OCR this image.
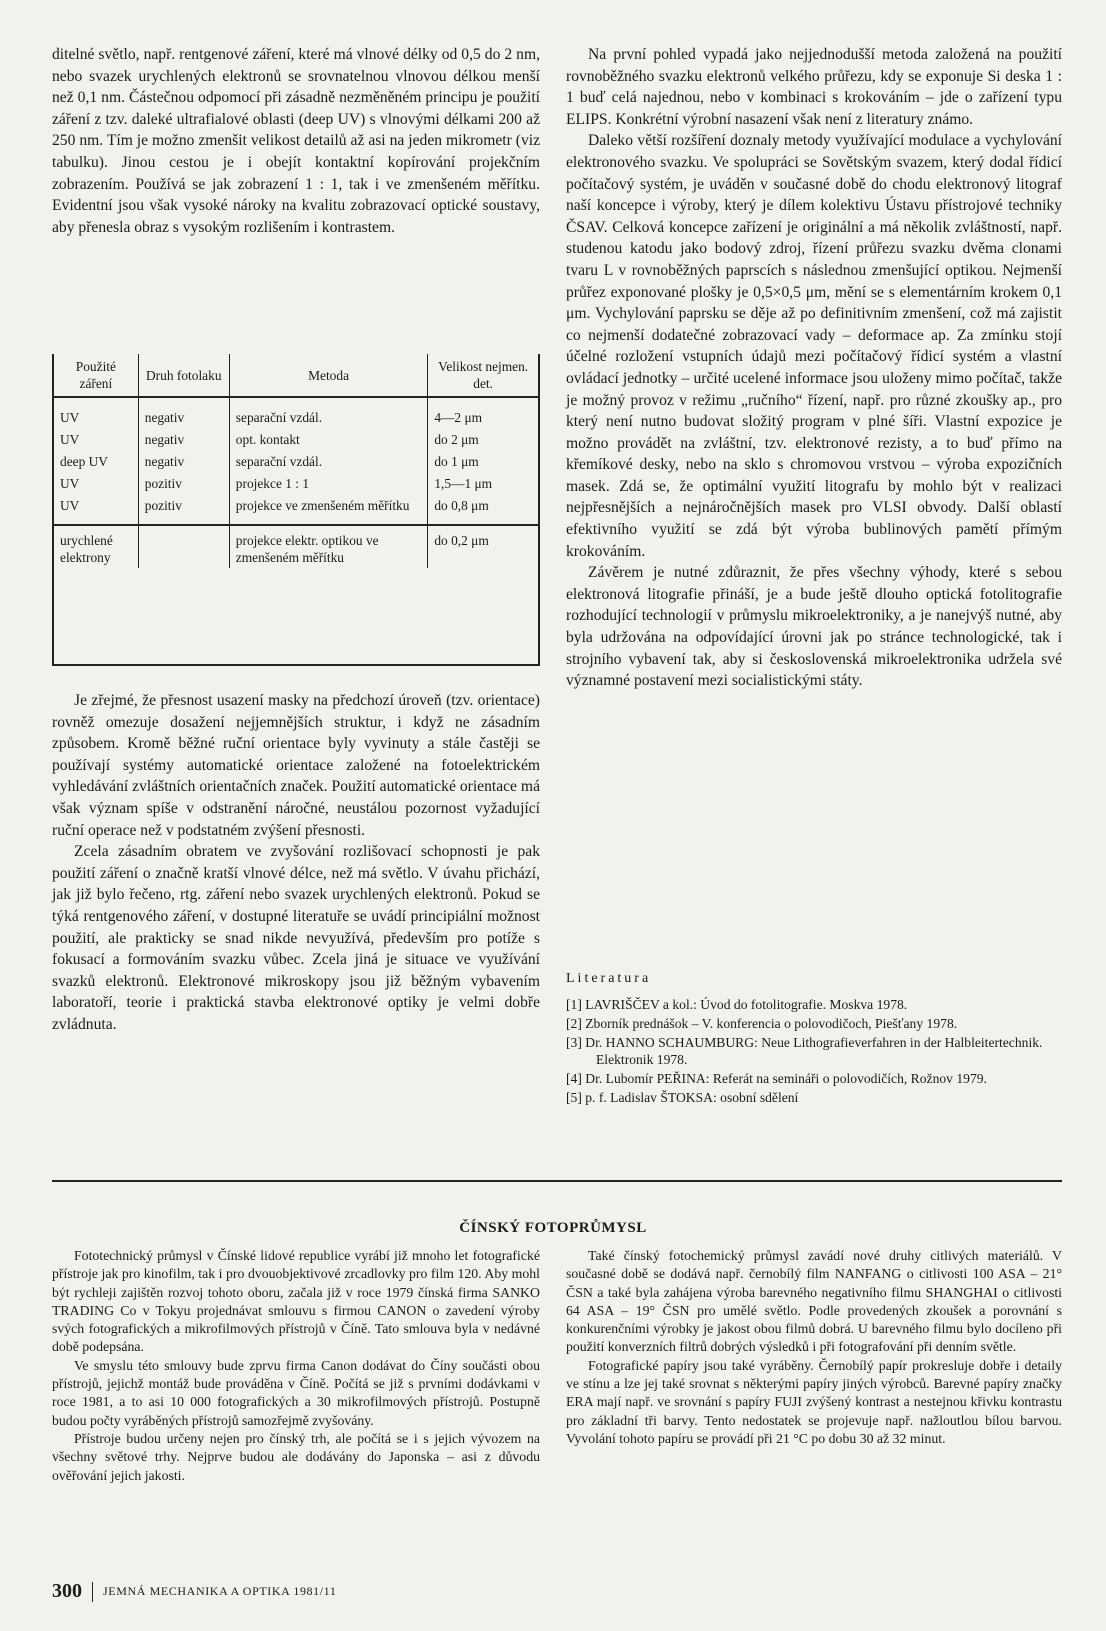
ditelné světlo, např. rentgenové záření, které má vlnové délky od 0,5 do 2 nm, nebo svazek urychlených elektronů se srovnatelnou vlnovou délkou menší než 0,1 nm. Částečnou odpomocí při zásadně nezměněném principu je použití záření z tzv. daleké ultrafialové oblasti (deep UV) s vlnovými délkami 200 až 250 nm. Tím je možno zmenšit velikost detailů až asi na jeden mikrometr (viz tabulku). Jinou cestou je i obejít kontaktní kopírování projekčním zobrazením. Používá se jak zobrazení 1 : 1, tak i ve zmenšeném měřítku. Evidentní jsou však vysoké nároky na kvalitu zobrazovací optické soustavy, aby přenesla obraz s vysokým rozlišením i kontrastem.

Použité záření	Druh fotolaku	Metoda	Velikost nejmen. det.

UV	negativ	separační vzdál.	4—2 μm
UV	negativ	opt. kontakt	do 2 μm
deep UV	negativ	separační vzdál.	do 1 μm
UV	pozitiv	projekce 1 : 1	1,5—1 μm
UV	pozitiv	projekce ve zmenšeném měřítku	do 0,8 μm

urychlené elektrony		projekce elektr. optikou ve zmenšeném měřítku	do 0,2 μm

Je zřejmé, že přesnost usazení masky na předchozí úroveň (tzv. orientace) rovněž omezuje dosažení nejjemnějších struktur, i když ne zásadním způsobem. Kromě běžné ruční orientace byly vyvinuty a stále častěji se používají systémy automatické orientace založené na fotoelektrickém vyhledávání zvláštních orientačních značek. Použití automatické orientace má však význam spíše v odstranění náročné, neustálou pozornost vyžadující ruční operace než v podstatném zvýšení přesnosti.

Zcela zásadním obratem ve zvyšování rozlišovací schopnosti je pak použití záření o značně kratší vlnové délce, než má světlo. V úvahu přichází, jak již bylo řečeno, rtg. záření nebo svazek urychlených elektronů. Pokud se týká rentgenového záření, v dostupné literatuře se uvádí principiální možnost použití, ale prakticky se snad nikde nevyužívá, především pro potíže s fokusací a formováním svazku vůbec. Zcela jiná je situace ve využívání svazků elektronů. Elektronové mikroskopy jsou již běžným vybavením laboratoří, teorie i praktická stavba elektronové optiky je velmi dobře zvládnuta.

Na první pohled vypadá jako nejjednodušší metoda založená na použití rovnoběžného svazku elektronů velkého průřezu, kdy se exponuje Si deska 1 : 1 buď celá najednou, nebo v kombinaci s krokováním – jde o zařízení typu ELIPS. Konkrétní výrobní nasazení však není z literatury známo.

Daleko větší rozšíření doznaly metody využívající modulace a vychylování elektronového svazku. Ve spolupráci se Sovětským svazem, který dodal řídicí počítačový systém, je uváděn v současné době do chodu elektronový litograf naší koncepce i výroby, který je dílem kolektivu Ústavu přístrojové techniky ČSAV. Celková koncepce zařízení je originální a má několik zvláštností, např. studenou katodu jako bodový zdroj, řízení průřezu svazku dvěma clonami tvaru L v rovnoběžných paprscích s následnou zmenšující optikou. Nejmenší průřez exponované plošky je 0,5×0,5 μm, mění se s elementárním krokem 0,1 μm. Vychylování paprsku se děje až po definitivním zmenšení, což má zajistit co nejmenší dodatečné zobrazovací vady – deformace ap. Za zmínku stojí účelné rozložení vstupních údajů mezi počítačový řídicí systém a vlastní ovládací jednotky – určité ucelené informace jsou uloženy mimo počítač, takže je možný provoz v režimu „ručního“ řízení, např. pro různé zkoušky ap., pro který není nutno budovat složitý program v plné šíři. Vlastní expozice je možno provádět na zvláštní, tzv. elektronové rezisty, a to buď přímo na křemíkové desky, nebo na sklo s chromovou vrstvou – výroba expozičních masek. Zdá se, že optimální využití litografu by mohlo být v realizaci nejpřesnějších a nejnáročnějších masek pro VLSI obvody. Další oblastí efektivního využití se zdá být výroba bublinových pamětí přímým krokováním.

Závěrem je nutné zdůraznit, že přes všechny výhody, které s sebou elektronová litografie přináší, je a bude ještě dlouho optická fotolitografie rozhodující technologií v průmyslu mikroelektroniky, a je nanejvýš nutné, aby byla udržována na odpovídající úrovni jak po stránce technologické, tak i strojního vybavení tak, aby si československá mikroelektronika udržela své významné postavení mezi socialistickými státy.

Literatura
[1] LAVRIŠČEV a kol.: Úvod do fotolitografie. Moskva 1978.
[2] Zborník prednášok – V. konferencia o polovodičoch, Piešťany 1978.
[3] Dr. HANNO SCHAUMBURG: Neue Lithografieverfahren in der Halbleitertechnik. Elektronik 1978.
[4] Dr. Lubomír PEŘINA: Referát na semináři o polovodičích, Rožnov 1979.
[5] p. f. Ladislav ŠTOKSA: osobní sdělení
ČÍNSKÝ FOTOPRŮMYSL

Fototechnický průmysl v Čínské lidové republice vyrábí již mnoho let fotografické přístroje jak pro kinofilm, tak i pro dvouobjektivové zrcadlovky pro film 120. Aby mohl být rychleji zajištěn rozvoj tohoto oboru, začala již v roce 1979 čínská firma SANKO TRADING Co v Tokyu projednávat smlouvu s firmou CANON o zavedení výroby svých fotografických a mikrofilmových přístrojů v Číně. Tato smlouva byla v nedávné době podepsána.

Ve smyslu této smlouvy bude zprvu firma Canon dodávat do Číny součásti obou přístrojů, jejichž montáž bude prováděna v Číně. Počítá se již s prvními dodávkami v roce 1981, a to asi 10 000 fotografických a 30 mikrofilmových přístrojů. Postupně budou počty vyráběných přístrojů samozřejmě zvyšovány.

Přístroje budou určeny nejen pro čínský trh, ale počítá se i s jejich vývozem na všechny světové trhy. Nejprve budou ale dodávány do Japonska – asi z důvodu ověřování jejich jakosti.

Také čínský fotochemický průmysl zavádí nové druhy citlivých materiálů. V současné době se dodává např. černobílý film NANFANG o citlivosti 100 ASA – 21° ČSN a také byla zahájena výroba barevného negativního filmu SHANGHAI o citlivosti 64 ASA – 19° ČSN pro umělé světlo. Podle provedených zkoušek a porovnání s konkurenčními výrobky je jakost obou filmů dobrá. U barevného filmu bylo docíleno při použití konverzních filtrů dobrých výsledků i při fotografování při denním světle.

Fotografické papíry jsou také vyráběny. Černobílý papír prokresluje dobře i detaily ve stínu a lze jej také srovnat s některými papíry jiných výrobců. Barevné papíry značky ERA mají např. ve srovnání s papíry FUJI zvýšený kontrast a nestejnou křivku kontrastu pro základní tři barvy. Tento nedostatek se projevuje např. nažloutlou bílou barvou. Vyvolání tohoto papíru se provádí při 21 °C po dobu 30 až 32 minut.

300 JEMNÁ MECHANIKA A OPTIKA 1981/11
